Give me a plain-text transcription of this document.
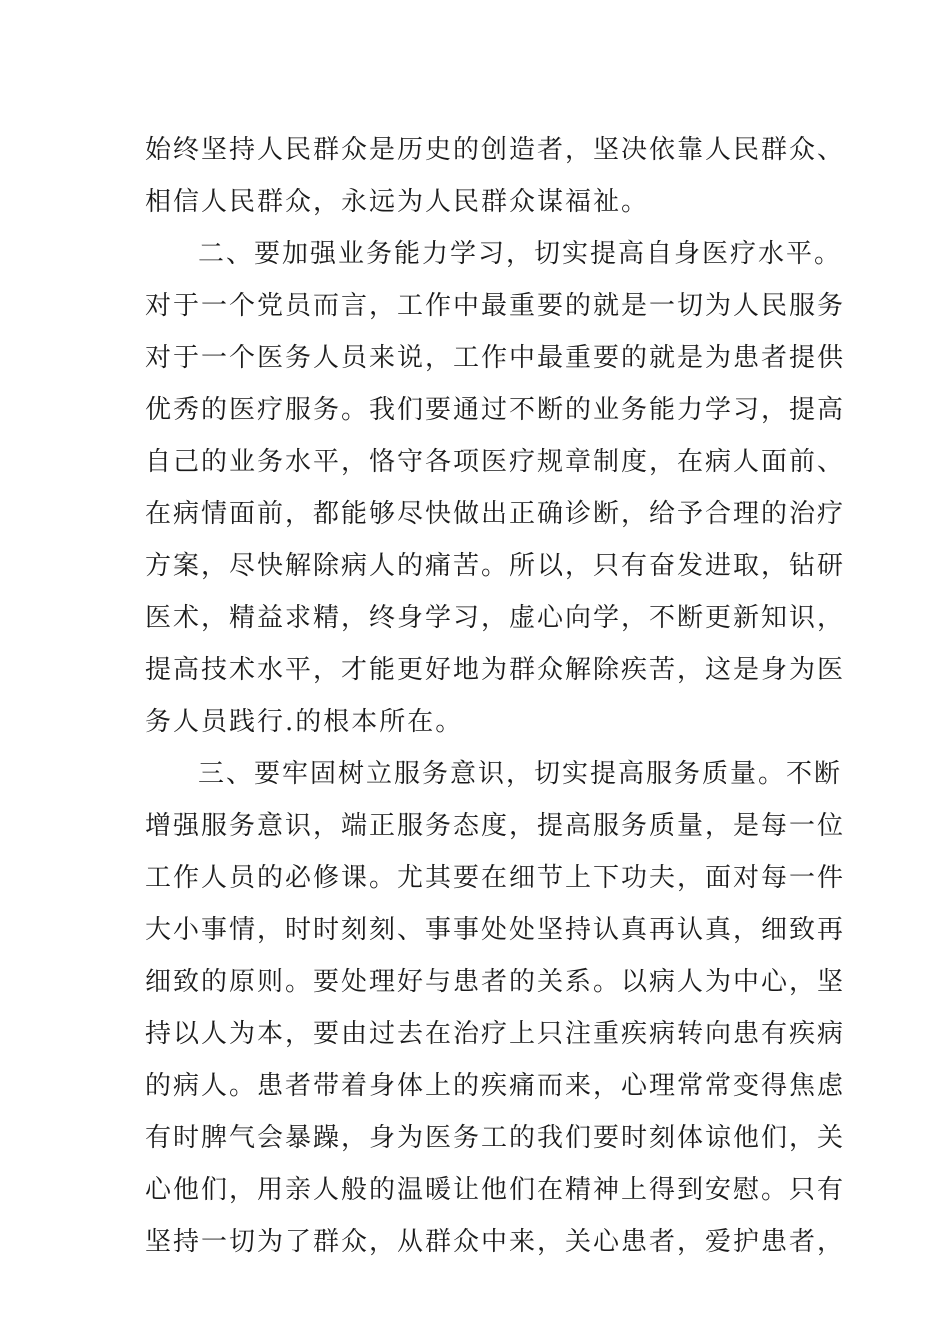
始终坚持人民群众是历史的创造者，坚决依靠人民群众、
相信人民群众，永远为人民群众谋福祉。
二、要加强业务能力学习，切实提高自身医疗水平。
对于一个党员而言，工作中最重要的就是一切为人民服务
对于一个医务人员来说，工作中最重要的就是为患者提供
优秀的医疗服务。我们要通过不断的业务能力学习，提高
自己的业务水平，恪守各项医疗规章制度，在病人面前、
在病情面前，都能够尽快做出正确诊断，给予合理的治疗
方案，尽快解除病人的痛苦。所以，只有奋发进取，钻研
医术，精益求精，终身学习，虚心向学，不断更新知识，
提高技术水平，才能更好地为群众解除疾苦，这是身为医
务人员践行.的根本所在。
三、要牢固树立服务意识，切实提高服务质量。不断
增强服务意识，端正服务态度，提高服务质量，是每一位
工作人员的必修课。尤其要在细节上下功夫，面对每一件
大小事情，时时刻刻、事事处处坚持认真再认真，细致再
细致的原则。要处理好与患者的关系。以病人为中心，坚
持以人为本，要由过去在治疗上只注重疾病转向患有疾病
的病人。患者带着身体上的疾痛而来，心理常常变得焦虑
有时脾气会暴躁，身为医务工的我们要时刻体谅他们，关
心他们，用亲人般的温暖让他们在精神上得到安慰。只有
坚持一切为了群众，从群众中来，关心患者，爱护患者，
